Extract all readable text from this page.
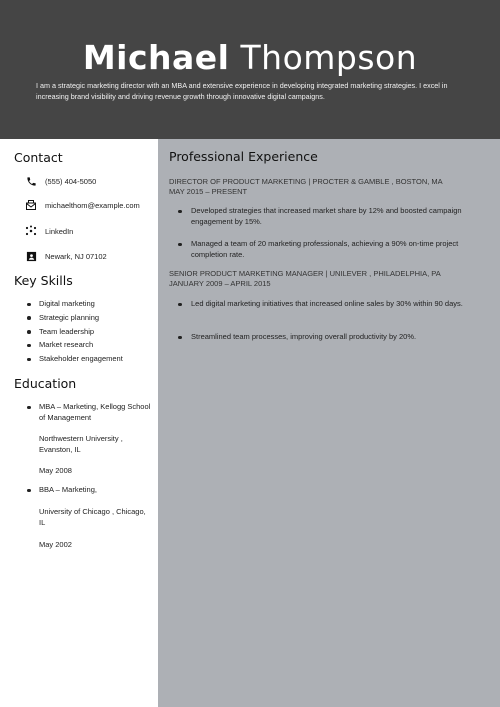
Michael Thompson
I am a strategic marketing director with an MBA and extensive experience in developing integrated marketing strategies. I excel in increasing brand visibility and driving revenue growth through innovative digital campaigns.
Contact
(555) 404-5050
michaelthom@example.com
LinkedIn
Newark, NJ 07102
Key Skills
Digital marketing
Strategic planning
Team leadership
Market research
Stakeholder engagement
Education
MBA – Marketing, Kellogg School of Management
Northwestern University , Evanston, IL
May 2008
BBA – Marketing,
University of Chicago , Chicago, IL
May 2002
Professional Experience
DIRECTOR OF PRODUCT MARKETING | PROCTER & GAMBLE , BOSTON, MA
MAY 2015 – PRESENT
Developed strategies that increased market share by 12% and boosted campaign engagement by 15%.
Managed a team of 20 marketing professionals, achieving a 90% on-time project completion rate.
SENIOR PRODUCT MARKETING MANAGER | UNILEVER , PHILADELPHIA, PA
JANUARY 2009 – APRIL 2015
Led digital marketing initiatives that increased online sales by 30% within 90 days.
Streamlined team processes, improving overall productivity by 20%.
